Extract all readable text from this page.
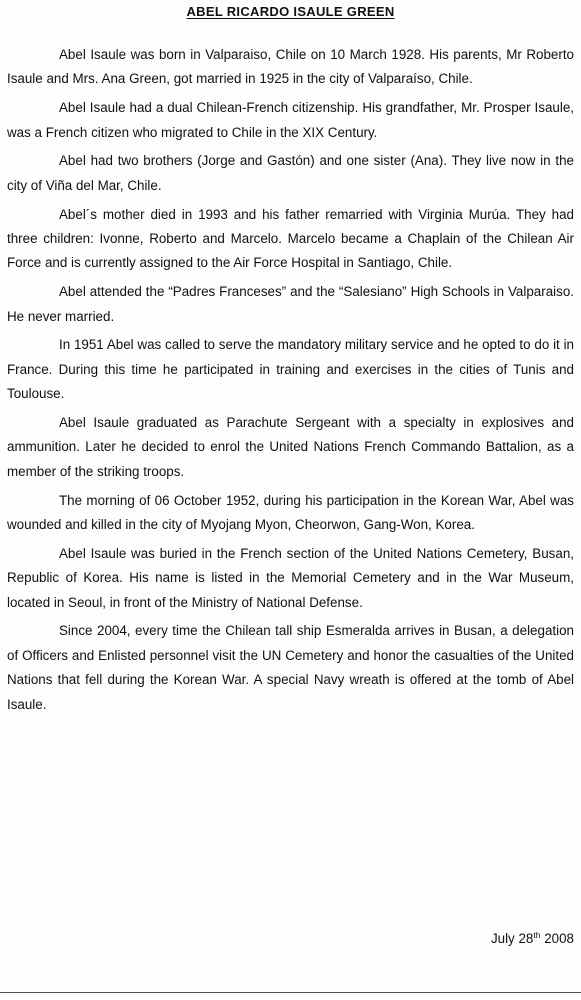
ABEL RICARDO ISAULE GREEN

Abel Isaule was born in Valparaiso, Chile on 10 March 1928. His parents, Mr Roberto Isaule and Mrs. Ana Green, got married in 1925 in the city of Valparaíso, Chile.

Abel Isaule had a dual Chilean-French citizenship. His grandfather, Mr. Prosper Isaule, was a French citizen who migrated to Chile in the XIX Century.

Abel had two brothers (Jorge and Gastón) and one sister (Ana). They live now in the city of Viña del Mar, Chile.

Abel´s mother died in 1993 and his father remarried with Virginia Murúa. They had three children: Ivonne, Roberto and Marcelo. Marcelo became a Chaplain of the Chilean Air Force and is currently assigned to the Air Force Hospital in Santiago, Chile.

Abel attended the “Padres Franceses” and the “Salesiano” High Schools in Valparaiso. He never married.

In 1951 Abel was called to serve the mandatory military service and he opted to do it in France. During this time he participated in training and exercises in the cities of Tunis and Toulouse.

Abel Isaule graduated as Parachute Sergeant with a specialty in explosives and ammunition. Later he decided to enrol the United Nations French Commando Battalion, as a member of the striking troops.

The morning of 06 October 1952, during his participation in the Korean War, Abel was wounded and killed in the city of Myojang Myon, Cheorwon, Gang-Won, Korea.

Abel Isaule was buried in the French section of the United Nations Cemetery, Busan, Republic of Korea. His name is listed in the Memorial Cemetery and in the War Museum, located in Seoul, in front of the Ministry of National Defense.

Since 2004, every time the Chilean tall ship Esmeralda arrives in Busan, a delegation of Officers and Enlisted personnel visit the UN Cemetery and honor the casualties of the United Nations that fell during the Korean War. A special Navy wreath is offered at the tomb of Abel Isaule.

July 28th 2008
